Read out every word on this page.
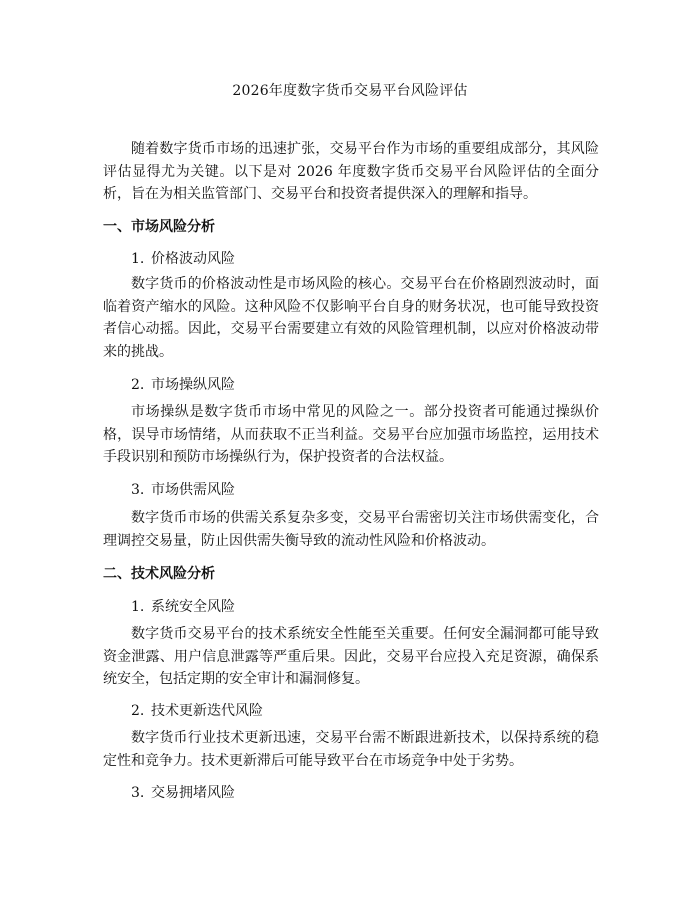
2026年度数字货币交易平台风险评估
随着数字货币市场的迅速扩张，交易平台作为市场的重要组成部分，其风险评估显得尤为关键。以下是对 2026 年度数字货币交易平台风险评估的全面分析，旨在为相关监管部门、交易平台和投资者提供深入的理解和指导。
一、市场风险分析
1. 价格波动风险
数字货币的价格波动性是市场风险的核心。交易平台在价格剧烈波动时，面临着资产缩水的风险。这种风险不仅影响平台自身的财务状况，也可能导致投资者信心动摇。因此，交易平台需要建立有效的风险管理机制，以应对价格波动带来的挑战。
2. 市场操纵风险
市场操纵是数字货币市场中常见的风险之一。部分投资者可能通过操纵价格，误导市场情绪，从而获取不正当利益。交易平台应加强市场监控，运用技术手段识别和预防市场操纵行为，保护投资者的合法权益。
3. 市场供需风险
数字货币市场的供需关系复杂多变，交易平台需密切关注市场供需变化，合理调控交易量，防止因供需失衡导致的流动性风险和价格波动。
二、技术风险分析
1. 系统安全风险
数字货币交易平台的技术系统安全性能至关重要。任何安全漏洞都可能导致资金泄露、用户信息泄露等严重后果。因此，交易平台应投入充足资源，确保系统安全，包括定期的安全审计和漏洞修复。
2. 技术更新迭代风险
数字货币行业技术更新迅速，交易平台需不断跟进新技术，以保持系统的稳定性和竞争力。技术更新滞后可能导致平台在市场竞争中处于劣势。
3. 交易拥堵风险
